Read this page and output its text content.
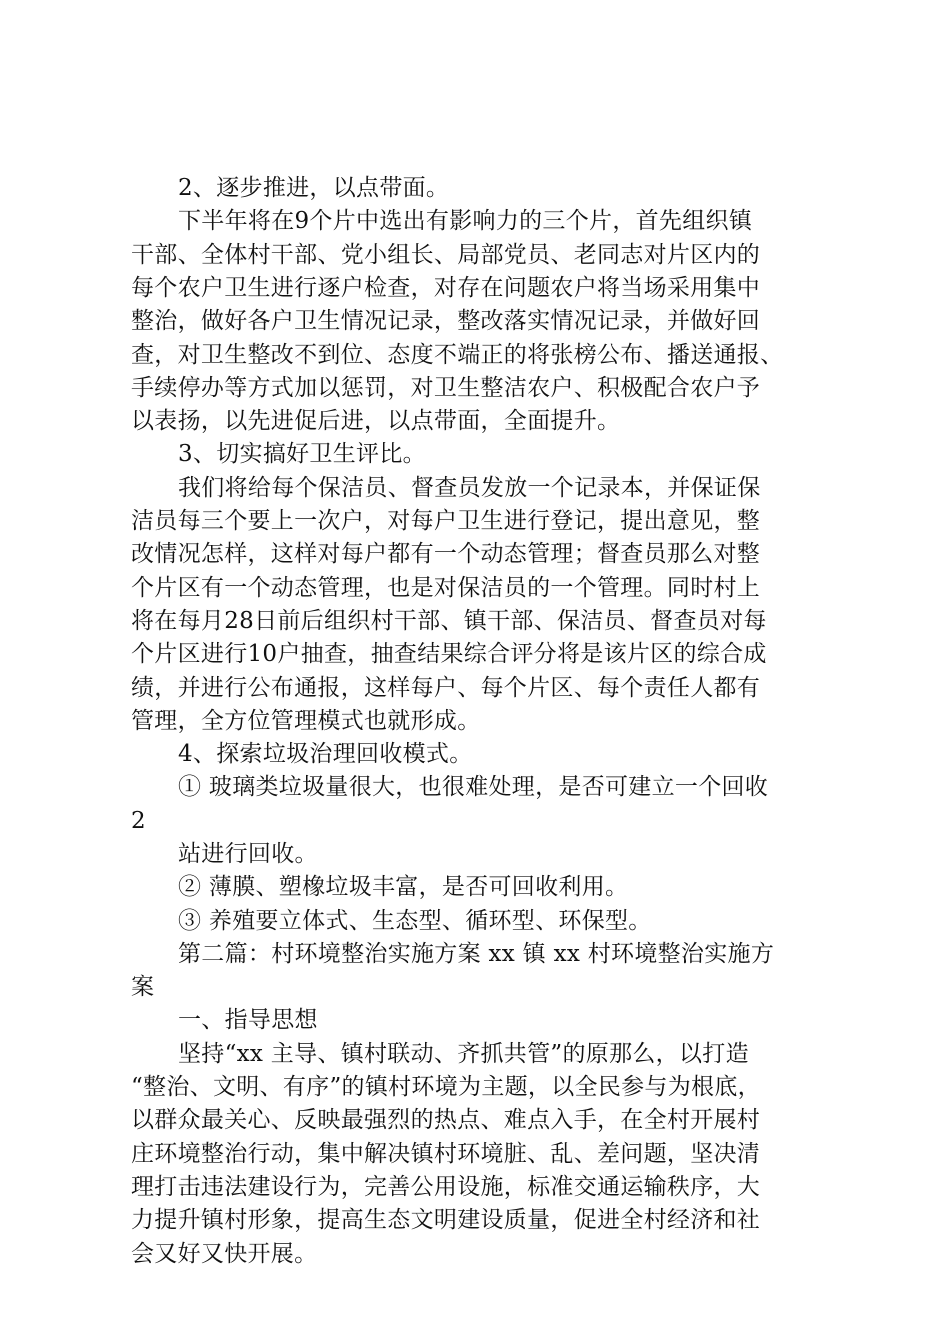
2、逐步推进，以点带面。
下半年将在9个片中选出有影响力的三个片，首先组织镇
干部、全体村干部、党小组长、局部党员、老同志对片区内的
每个农户卫生进行逐户检查，对存在问题农户将当场采用集中
整治，做好各户卫生情况记录，整改落实情况记录，并做好回
查，对卫生整改不到位、态度不端正的将张榜公布、播送通报、
手续停办等方式加以惩罚，对卫生整洁农户、积极配合农户予
以表扬，以先进促后进，以点带面，全面提升。
3、切实搞好卫生评比。
我们将给每个保洁员、督查员发放一个记录本，并保证保
洁员每三个要上一次户，对每户卫生进行登记，提出意见，整
改情况怎样，这样对每户都有一个动态管理；督查员那么对整
个片区有一个动态管理，也是对保洁员的一个管理。同时村上
将在每月28日前后组织村干部、镇干部、保洁员、督查员对每
个片区进行10户抽查，抽查结果综合评分将是该片区的综合成
绩，并进行公布通报，这样每户、每个片区、每个责任人都有
管理，全方位管理模式也就形成。
4、探索垃圾治理回收模式。
① 玻璃类垃圾量很大，也很难处理，是否可建立一个回收
2
站进行回收。
② 薄膜、塑橡垃圾丰富，是否可回收利用。
③ 养殖要立体式、生态型、循环型、环保型。
第二篇：村环境整治实施方案 xx 镇 xx 村环境整治实施方
案
一、指导思想
坚持“xx 主导、镇村联动、齐抓共管”的原那么，以打造
“整治、文明、有序”的镇村环境为主题，以全民参与为根底，
以群众最关心、反映最强烈的热点、难点入手，在全村开展村
庄环境整治行动，集中解决镇村环境脏、乱、差问题，坚决清
理打击违法建设行为，完善公用设施，标准交通运输秩序，大
力提升镇村形象，提高生态文明建设质量，促进全村经济和社
会又好又快开展。
